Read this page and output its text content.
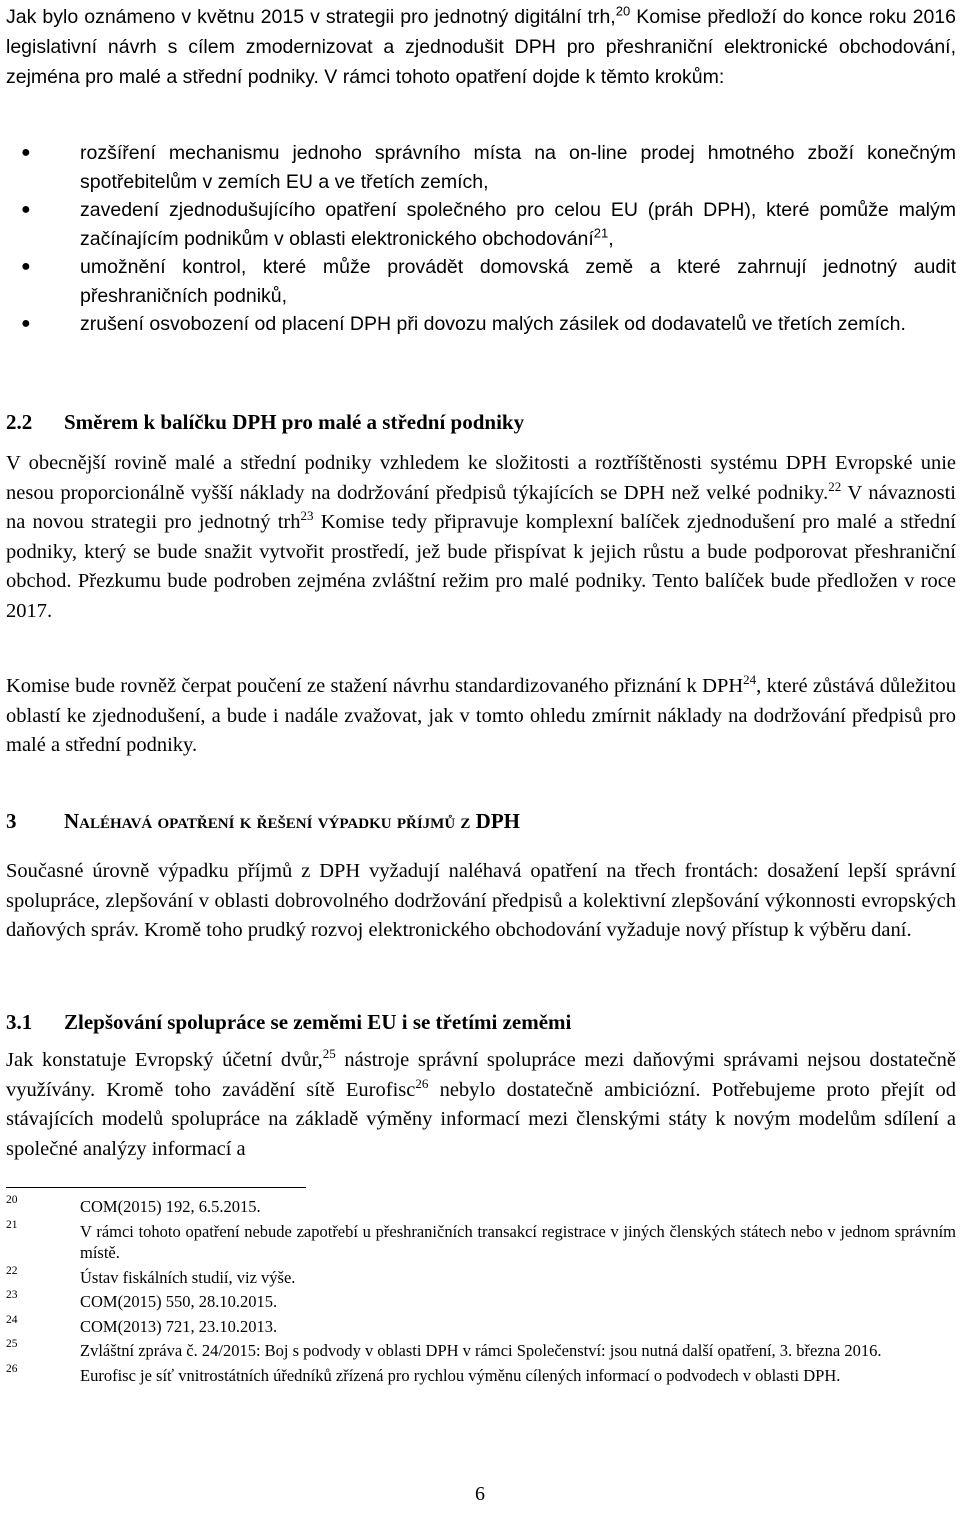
Jak bylo oznámeno v květnu 2015 v strategii pro jednotný digitální trh,$^{20}$ Komise předloží do konce roku 2016 legislativní návrh s cílem zmodernizovat a zjednodušit DPH pro přeshraniční elektronické obchodování, zejména pro malé a střední podniky. V rámci tohoto opatření dojde k těmto krokům:

●	rozšíření mechanismu jednoho správního místa na on-line prodej hmotného zboží konečným spotřebitelům v zemích EU a ve třetích zemích,
●	zavedení zjednodušujícího opatření společného pro celou EU (práh DPH), které pomůže malým začínajícím podnikům v oblasti elektronického obchodování$^{21}$,
●	umožnění kontrol, které může provádět domovská země a které zahrnují jednotný audit přeshraničních podniků,
●	zrušení osvobození od placení DPH při dovozu malých zásilek od dodavatelů ve třetích zemích.
2.2 Směrem k balíčku DPH pro malé a střední podniky

V obecnější rovině malé a střední podniky vzhledem ke složitosti a roztříštěnosti systému DPH Evropské unie nesou proporcionálně vyšší náklady na dodržování předpisů týkajících se DPH než velké podniky.$^{22}$ V návaznosti na novou strategii pro jednotný trh$^{23}$ Komise tedy připravuje komplexní balíček zjednodušení pro malé a střední podniky, který se bude snažit vytvořit prostředí, jež bude přispívat k jejich růstu a bude podporovat přeshraniční obchod. Přezkumu bude podroben zejména zvláštní režim pro malé podniky. Tento balíček bude předložen v roce 2017.

Komise bude rovněž čerpat poučení ze stažení návrhu standardizovaného přiznání k DPH$^{24}$, které zůstává důležitou oblastí ke zjednodušení, a bude i nadále zvažovat, jak v tomto ohledu zmírnit náklady na dodržování předpisů pro malé a střední podniky.

3 Naléhavá opatření k řešení výpadku příjmů z DPH

Současné úrovně výpadku příjmů z DPH vyžadují naléhavá opatření na třech frontách: dosažení lepší správní spolupráce, zlepšování v oblasti dobrovolného dodržování předpisů a kolektivní zlepšování výkonnosti evropských daňových správ. Kromě toho prudký rozvoj elektronického obchodování vyžaduje nový přístup k výběru daní.

3.1 Zlepšování spolupráce se zeměmi EU i se třetími zeměmi

Jak konstatuje Evropský účetní dvůr,$^{25}$ nástroje správní spolupráce mezi daňovými správami nejsou dostatečně využívány. Kromě toho zavádění sítě Eurofisc$^{26}$ nebylo dostatečně ambiciózní. Potřebujeme proto přejít od stávajících modelů spolupráce na základě výměny informací mezi členskými státy k novým modelům sdílení a společné analýzy informací a

20	COM(2015) 192, 6.5.2015.
21	V rámci tohoto opatření nebude zapotřebí u přeshraničních transakcí registrace v jiných členských státech nebo v jednom správním místě.
22	Ústav fiskálních studií, viz výše.
23	COM(2015) 550, 28.10.2015.
24	COM(2013) 721, 23.10.2013.
25	Zvláštní zpráva č. 24/2015: Boj s podvody v oblasti DPH v rámci Společenství: jsou nutná další opatření, 3. března 2016.
26	Eurofisc je síť vnitrostátních úředníků zřízená pro rychlou výměnu cílených informací o podvodech v oblasti DPH.
6
